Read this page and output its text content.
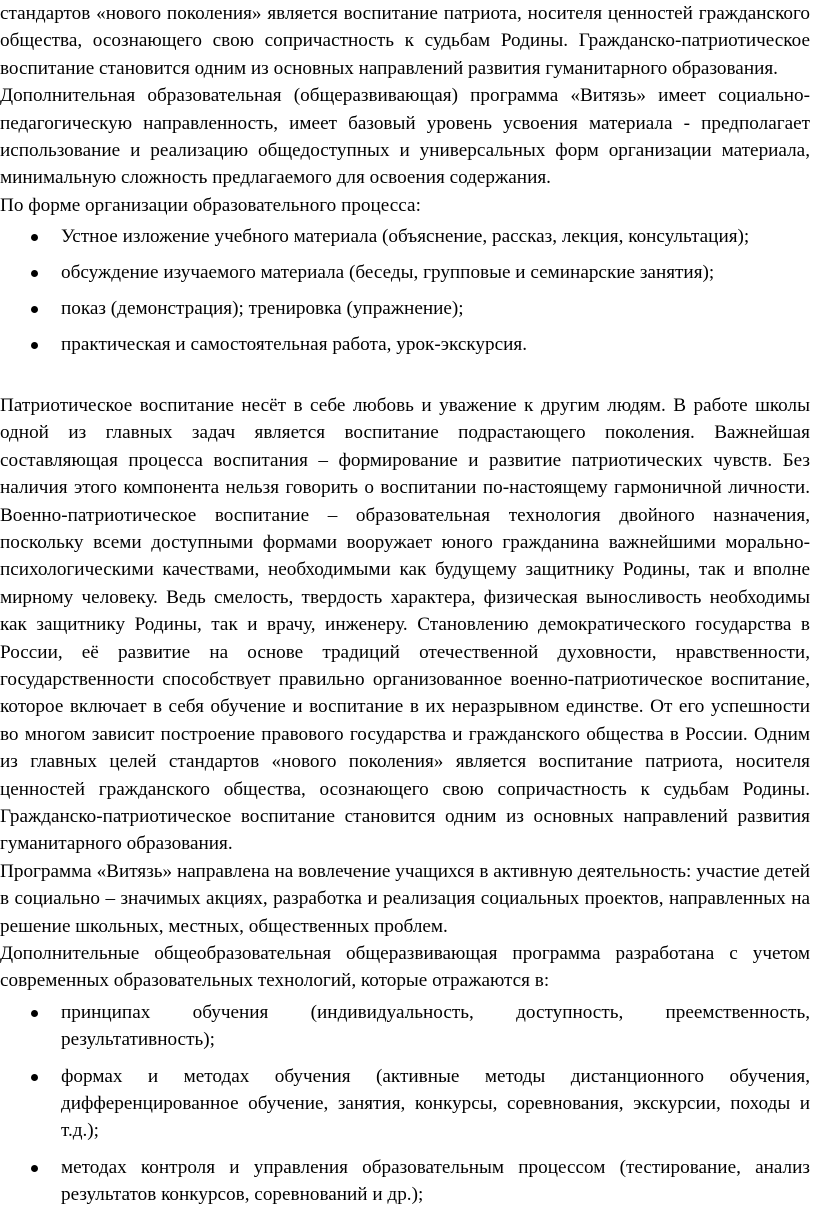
стандартов «нового поколения» является воспитание патриота, носителя ценностей гражданского общества, осознающего свою сопричастность к судьбам Родины. Гражданско-патриотическое воспитание становится одним из основных направлений развития гуманитарного образования.

Дополнительная образовательная (общеразвивающая) программа «Витязь» имеет социально-педагогическую направленность, имеет базовый уровень усвоения материала - предполагает использование и реализацию общедоступных и универсальных форм организации материала, минимальную сложность предлагаемого для освоения содержания.

По форме организации образовательного процесса:

Устное изложение учебного материала (объяснение, рассказ, лекция, консультация);
обсуждение изучаемого материала (беседы, групповые и семинарские занятия);
показ (демонстрация); тренировка (упражнение);
практическая и самостоятельная работа, урок-экскурсия.

Патриотическое воспитание несёт в себе любовь и уважение к другим людям. В работе школы одной из главных задач является воспитание подрастающего поколения. Важнейшая составляющая процесса воспитания – формирование и развитие патриотических чувств. Без наличия этого компонента нельзя говорить о воспитании по-настоящему гармоничной личности. Военно-патриотическое воспитание – образовательная технология двойного назначения, поскольку всеми доступными формами вооружает юного гражданина важнейшими морально-психологическими качествами, необходимыми как будущему защитнику Родины, так и вполне мирному человеку. Ведь смелость, твердость характера, физическая выносливость необходимы как защитнику Родины, так и врачу, инженеру. Становлению демократического государства в России, её развитие на основе традиций отечественной духовности, нравственности, государственности способствует правильно организованное военно-патриотическое воспитание, которое включает в себя обучение и воспитание в их неразрывном единстве. От его успешности во многом зависит построение правового государства и гражданского общества в России. Одним из главных целей стандартов «нового поколения» является воспитание патриота, носителя ценностей гражданского общества, осознающего свою сопричастность к судьбам Родины. Гражданско-патриотическое воспитание становится одним из основных направлений развития гуманитарного образования.

Программа «Витязь» направлена на вовлечение учащихся в активную деятельность: участие детей в социально – значимых акциях, разработка и реализация социальных проектов, направленных на решение школьных, местных, общественных проблем.

Дополнительные общеобразовательная общеразвивающая программа разработана с учетом современных образовательных технологий, которые отражаются в:

принципах обучения (индивидуальность, доступность, преемственность, результативность);
формах и методах обучения (активные методы дистанционного обучения, дифференцированное обучение, занятия, конкурсы, соревнования, экскурсии, походы и т.д.);
методах контроля и управления образовательным процессом (тестирование, анализ результатов конкурсов, соревнований и др.);
